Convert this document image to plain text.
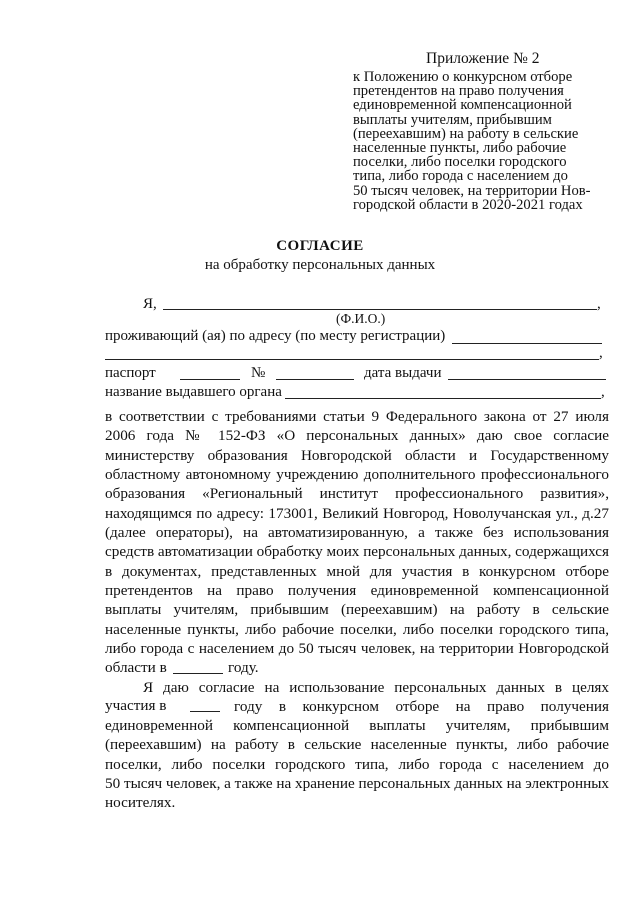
Приложение № 2
к Положению о конкурсном отборе
претендентов на право получения
единовременной компенсационной
выплаты учителям, прибывшим
(переехавшим) на работу в сельские
населенные пункты, либо рабочие
поселки, либо поселки городского
типа, либо города с населением до
50 тысяч человек, на территории Нов-
городской области в 2020-2021 годах
СОГЛАСИЕ
на обработку персональных данных
Я,	,
(Ф.И.О.)
проживающий (ая) по адресу (по месту регистрации)
,
паспорт	№	дата выдачи
название выдавшего органа	,
в соответствии с требованиями статьи 9 Федерального закона от 27 июля
2006 года № 152-ФЗ «О персональных данных» даю свое согласие
министерству образования Новгородской области и Государственному
областному автономному учреждению дополнительного профессионального
образования «Региональный институт профессионального развития»,
находящимся по адресу: 173001, Великий Новгород, Новолучанская ул., д.27
(далее операторы), на автоматизированную, а также без использования
средств автоматизации обработку моих персональных данных, содержащихся
в документах, представленных мной для участия в конкурсном отборе
претендентов на право получения единовременной компенсационной
выплаты учителям, прибывшим (переехавшим) на работу в сельские
населенные пункты, либо рабочие поселки, либо поселки городского типа,
либо города с населением до 50 тысяч человек, на территории Новгородской
области в	году.
Я даю согласие на использование персональных данных в целях
участия в	году в конкурсном отборе на право получения
единовременной компенсационной выплаты учителям, прибывшим
(переехавшим) на работу в сельские населенные пункты, либо рабочие
поселки, либо поселки городского типа, либо города с населением до
50 тысяч человек, а также на хранение персональных данных на электронных
носителях.
